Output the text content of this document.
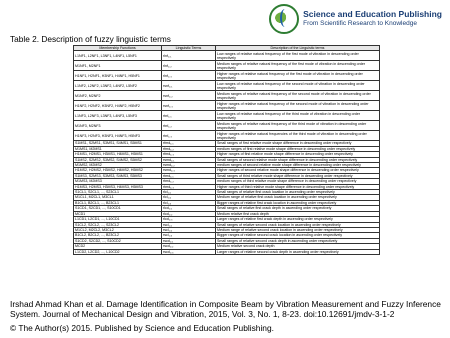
Science and Education Publishing
From Scientific Research to Knowledge
Table 2. Description of fuzzy linguistic terms
Membership Functions	Linguistic Terms	Description of the Linguistic terms
L1NF1, L2NF1, L3NF1, L4NF1, L5NF1	rlnf₁,₁	Low ranges of relative natural frequency of the first mode of vibration in descending order respectively
M1NF1, M2NF1	rlnf₁,₂	Medium ranges of relative natural frequency of the first mode of vibration in descending order respectively
H1NF1, H2NF1, H3NF1, H4NF1, H5NF1	rlnf₁,₃	Higher ranges of relative natural frequency of the first mode of vibration in descending order respectively
L1NF2, L2NF2, L3NF2, L4NF2, L5NF2	rsnf₁,₁	Low ranges of relative natural frequency of the second mode of vibration in descending order respectively
M1NF2, M2NF2	rsnf₁,₂	Medium ranges of relative natural frequency of the second mode of vibration in descending order respectively
H1NF2, H2NF2, H3NF2, H4NF2, H5NF2	rsnf₁,₃	Higher ranges of relative natural frequency of the second mode of vibration in descending order respectively
L1NF3, L2NF3, L3NF3, L4NF3, L5NF3	rtnf₁,₁	Low ranges of relative natural frequency of the third mode of vibration in descending order respectively
M1NF3, M2NF3	rtnf₁,₂	Medium ranges of relative natural frequency of the third mode of vibration in descending order respectively
H1NF3, H2NF3, H3NF3, H4NF3, H5NF3	rtnf₁,₃	Higher ranges of relative natural frequencies of the third mode of vibration in descending order respectively
S1MS1, S2MS1, S3MS1, S4MS1, S5MS1	rfmd₁,₁	Small ranges of first relative mode shape difference in descending order respectively
M1MS1, M2MS1	rfmd₁,₂	medium ranges of first relative mode shape difference in descending order respectively
H1MS1, H2MS1, H3MS1, H4MS1, H5MS1	rfmd₁,₃	Higher ranges of first relative mode shape difference in descending order respectively
S1MS2, S2MS2, S3MS2, S4MS2, S5MS2	rsmd₁,₁	Small ranges of second relative mode shape difference in descending order respectively
M1MS2, M2MS2	rsmd₁,₂	medium ranges of second relative mode shape difference in descending order respectively
H1MS2, H2MS2, H3MS2, H4MS2, H5MS2	rsmd₁,₃	Higher ranges of second relative mode shape difference in descending order respectively
S1MS3, S2MS3, S3MS3, S4MS3, S5MS3	rtmd₁,₁	Small ranges of third relative mode shape difference in descending order respectively
M1MS3, M2MS3	rtmd₁,₂	medium ranges of third relative mode shape difference in descending order respectively
H1MS3, H2MS3, H3MS3, H4MS3, H5MS3	rtmd₁,₃	Higher ranges of third relative mode shape difference in descending order respectively
S1CL1, S2CL1, ..., S23CL1	rlcl₁,₁	Small ranges of relative first crack location in ascending order respectively
M1CL1, M2CL1, M3CL1	rlcl₁,₂	Medium range of relative first crack location in ascending order respectively
B1CL1, B2CL1, ..., B23CL1	rlcl₁,₃	Bigger ranges of relative first crack location in ascending order respectively
S1CD1, S2CD1, ..., S10CD1	rlcd₁,₁	Small ranges of relative first crack depth in ascending order respectively
MCD1	rlcd₁,₂	Medium relative first crack depth
L1CD1, L2CD1, ..., L10CD1	rlcd₁,₃	Larger ranges of relative first crack depth in ascending order respectively
S1CL2, S2CL2, ..., S23CL2	rscl₁,₁	Small ranges of relative second crack location in ascending order respectively
M1CL2, M2CL2, M3CL2	rscl₁,₂	Medium range of relative second crack location in ascending order respectively
B1CL2, B2CL2, ..., B23CL2	rscl₁,₃	Bigger ranges of relative second crack location in ascending order respectively
S1CD2, S2CD2, ..., S10CD2	rscd₁,₁	Small ranges of relative second crack depth in ascending order respectively
MCD2	rscd₁,₂	Medium relative second crack depth
L1CD2, L2CD2, ..., L10CD2	rscd₁,₃	Larger ranges of relative second crack depth in ascending order respectively
Irshad Ahmad Khan et al. Damage Identification in Composite Beam by Vibration Measurement and Fuzzy Inference System. Journal of Mechanical Design and Vibration, 2015, Vol. 3, No. 1, 8-23. doi:10.12691/jmdv-3-1-2
© The Author(s) 2015. Published by Science and Education Publishing.
